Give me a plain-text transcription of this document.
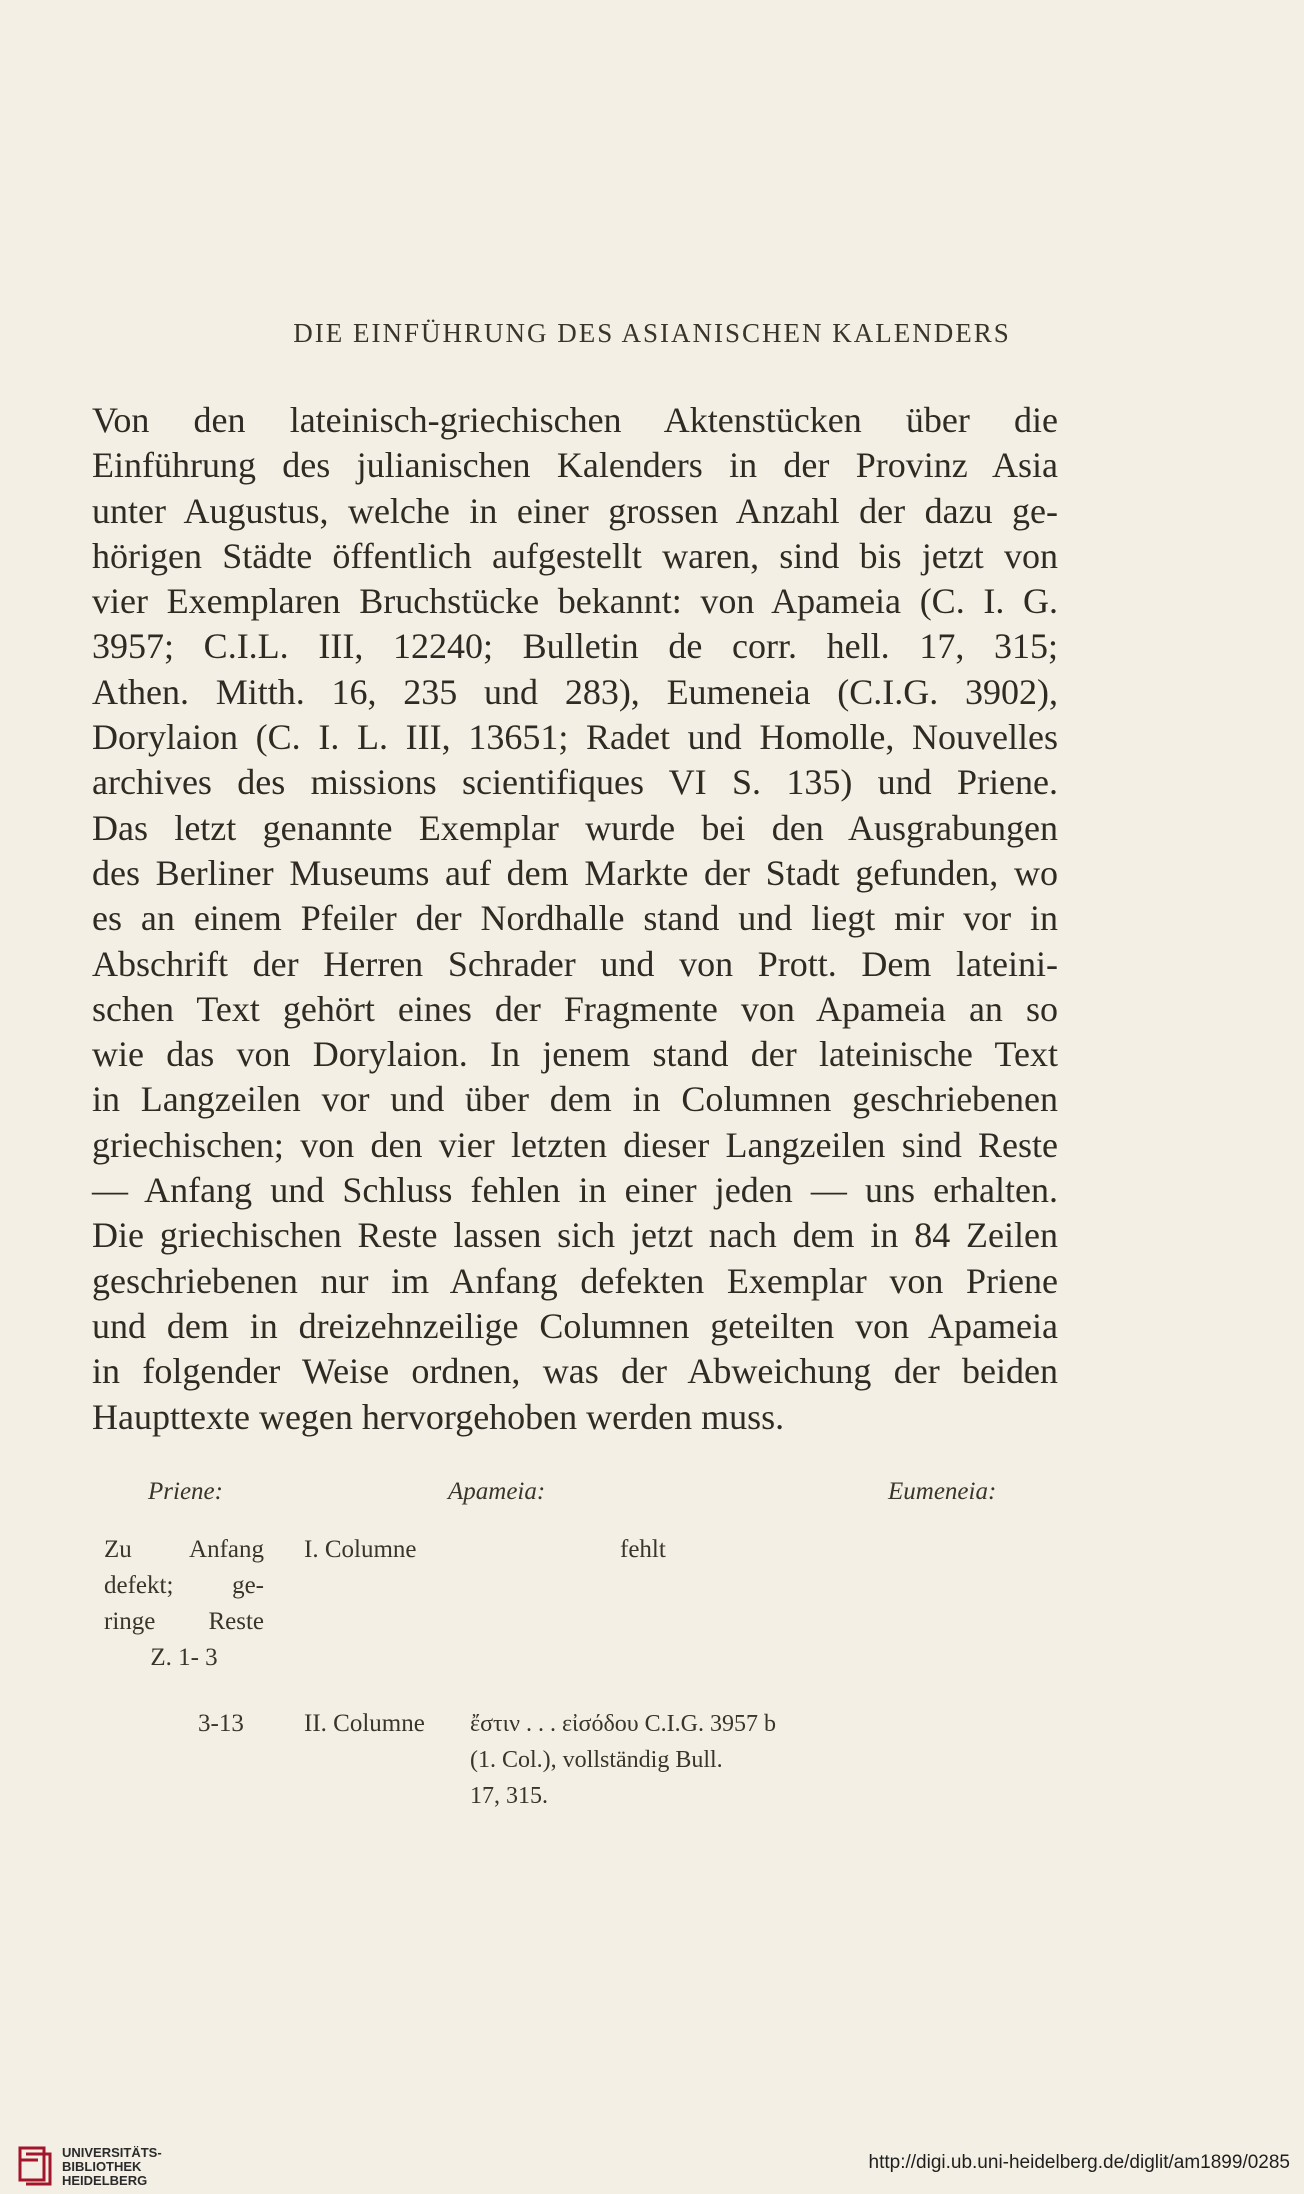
DIE EINFÜHRUNG DES ASIANISCHEN KALENDERS
Von den lateinisch-griechischen Aktenstücken über die
Einführung des julianischen Kalenders in der Provinz Asia
unter Augustus, welche in einer grossen Anzahl der dazu ge-
hörigen Städte öffentlich aufgestellt waren, sind bis jetzt von
vier Exemplaren Bruchstücke bekannt: von Apameia (C. I. G.
3957; C.I.L. III, 12240; Bulletin de corr. hell. 17, 315;
Athen. Mitth. 16, 235 und 283), Eumeneia (C.I.G. 3902),
Dorylaion (C. I. L. III, 13651; Radet und Homolle, Nouvelles
archives des missions scientifiques VI S. 135) und Priene.
Das letzt genannte Exemplar wurde bei den Ausgrabungen
des Berliner Museums auf dem Markte der Stadt gefunden, wo
es an einem Pfeiler der Nordhalle stand und liegt mir vor in
Abschrift der Herren Schrader und von Prott. Dem lateini-
schen Text gehört eines der Fragmente von Apameia an so
wie das von Dorylaion. In jenem stand der lateinische Text
in Langzeilen vor und über dem in Columnen geschriebenen
griechischen; von den vier letzten dieser Langzeilen sind Reste
— Anfang und Schluss fehlen in einer jeden — uns erhalten.
Die griechischen Reste lassen sich jetzt nach dem in 84 Zeilen
geschriebenen nur im Anfang defekten Exemplar von Priene
und dem in dreizehnzeilige Columnen geteilten von Apameia
in folgender Weise ordnen, was der Abweichung der beiden
Haupttexte wegen hervorgehoben werden muss.
Priene:	Apameia:	Eumeneia:
Zu Anfang
defekt; ge-
ringe Reste
Z. 1- 3
I. Columne	fehlt
3-13 II. Columne ἔστιν . . . εἰσόδου C.I.G. 3957 b
(1. Col.), vollständig Bull.
17, 315.
UNIVERSITÄTS-
BIBLIOTHEK
HEIDELBERG
http://digi.ub.uni-heidelberg.de/diglit/am1899/0285
